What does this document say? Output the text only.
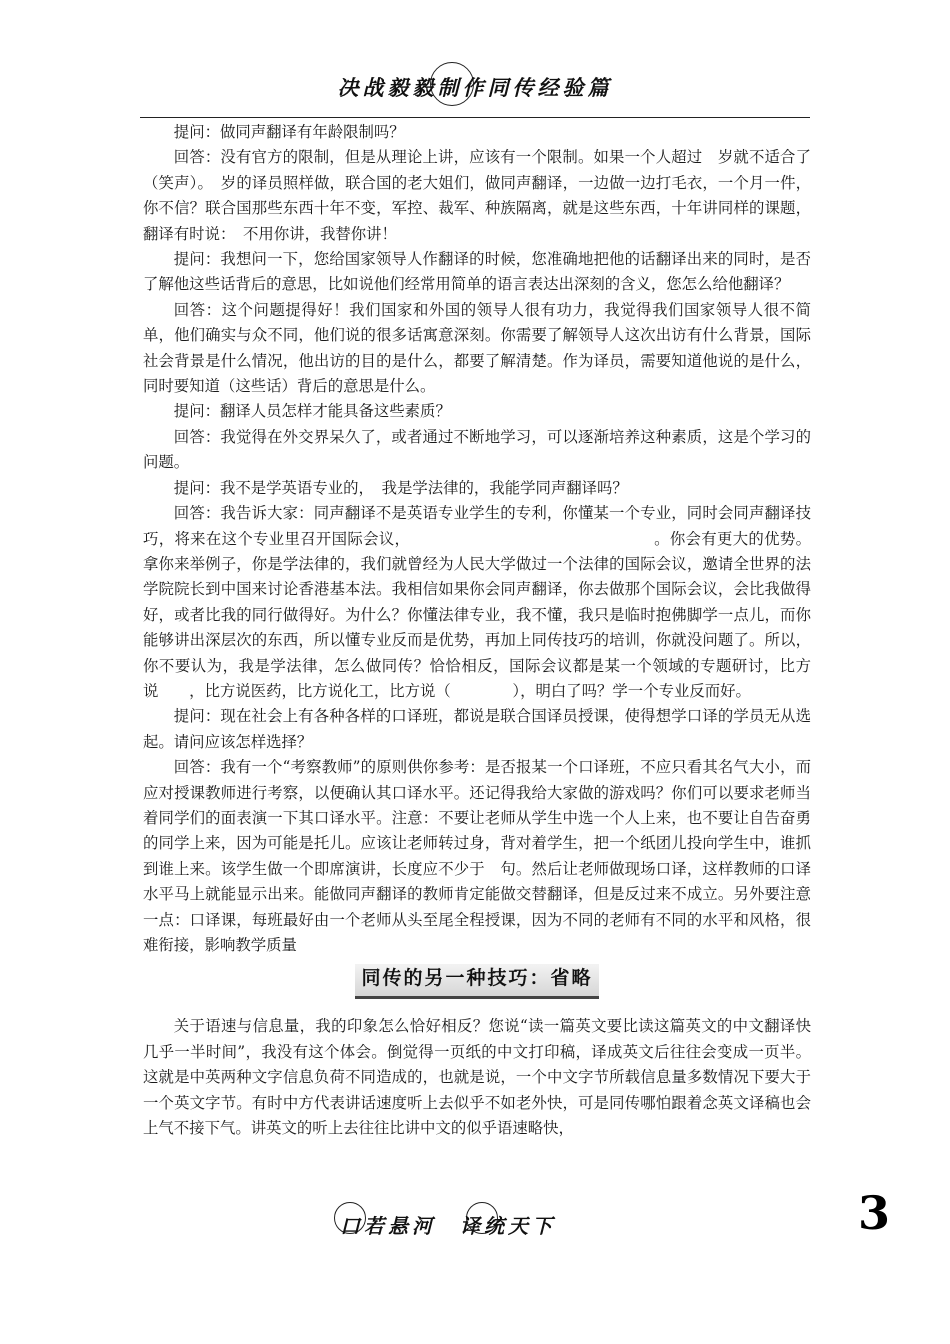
决战毅毅制作同传经验篇

提问：做同声翻译有年龄限制吗？

回答：没有官方的限制，但是从理论上讲，应该有一个限制。如果一个人超过　岁就不适合了（笑声）。　岁的译员照样做，联合国的老大姐们，做同声翻译，一边做一边打毛衣，一个月一件，你不信？联合国那些东西十年不变，军控、裁军、种族隔离，就是这些东西，十年讲同样的课题，翻译有时说：　不用你讲，我替你讲！

提问：我想问一下，您给国家领导人作翻译的时候，您准确地把他的话翻译出来的同时，是否了解他这些话背后的意思，比如说他们经常用简单的语言表达出深刻的含义，您怎么给他翻译？

回答：这个问题提得好！我们国家和外国的领导人很有功力，我觉得我们国家领导人很不简单，他们确实与众不同，他们说的很多话寓意深刻。你需要了解领导人这次出访有什么背景，国际社会背景是什么情况，他出访的目的是什么，都要了解清楚。作为译员，需要知道他说的是什么，同时要知道（这些话）背后的意思是什么。

提问：翻译人员怎样才能具备这些素质？

回答：我觉得在外交界呆久了，或者通过不断地学习，可以逐渐培养这种素质，这是个学习的问题。

提问：我不是学英语专业的，　我是学法律的，我能学同声翻译吗？

回答：我告诉大家：同声翻译不是英语专业学生的专利，你懂某一个专业，同时会同声翻译技巧，将来在这个专业里召开国际会议，　　　　　　　　　　　　　　　　。你会有更大的优势。拿你来举例子，你是学法律的，我们就曾经为人民大学做过一个法律的国际会议，邀请全世界的法学院院长到中国来讨论香港基本法。我相信如果你会同声翻译，你去做那个国际会议，会比我做得好，或者比我的同行做得好。为什么？你懂法律专业，我不懂，我只是临时抱佛脚学一点儿，而你能够讲出深层次的东西，所以懂专业反而是优势，再加上同传技巧的培训，你就没问题了。所以，你不要认为，我是学法律，怎么做同传？恰恰相反，国际会议都是某一个领域的专题研讨，比方说　　，比方说医药，比方说化工，比方说（　　　　），明白了吗？学一个专业反而好。

提问：现在社会上有各种各样的口译班，都说是联合国译员授课，使得想学口译的学员无从选起。请问应该怎样选择？

回答：我有一个“考察教师”的原则供你参考：是否报某一个口译班，不应只看其名气大小，而应对授课教师进行考察，以便确认其口译水平。还记得我给大家做的游戏吗？你们可以要求老师当着同学们的面表演一下其口译水平。注意：不要让老师从学生中选一个人上来，也不要让自告奋勇的同学上来，因为可能是托儿。应该让老师转过身，背对着学生，把一个纸团儿投向学生中，谁抓到谁上来。该学生做一个即席演讲，长度应不少于　句。然后让老师做现场口译，这样教师的口译水平马上就能显示出来。能做同声翻译的教师肯定能做交替翻译，但是反过来不成立。另外要注意一点：口译课，每班最好由一个老师从头至尾全程授课，因为不同的老师有不同的水平和风格，很难衔接，影响教学质量

同传的另一种技巧：省略

关于语速与信息量，我的印象怎么恰好相反？您说“读一篇英文要比读这篇英文的中文翻译快几乎一半时间”，我没有这个体会。倒觉得一页纸的中文打印稿，译成英文后往往会变成一页半。这就是中英两种文字信息负荷不同造成的，也就是说，一个中文字节所载信息量多数情况下要大于一个英文字节。有时中方代表讲话速度听上去似乎不如老外快，可是同传哪怕跟着念英文译稿也会上气不接下气。讲英文的听上去往往比讲中文的似乎语速略快，

口若悬河　译统天下	3
